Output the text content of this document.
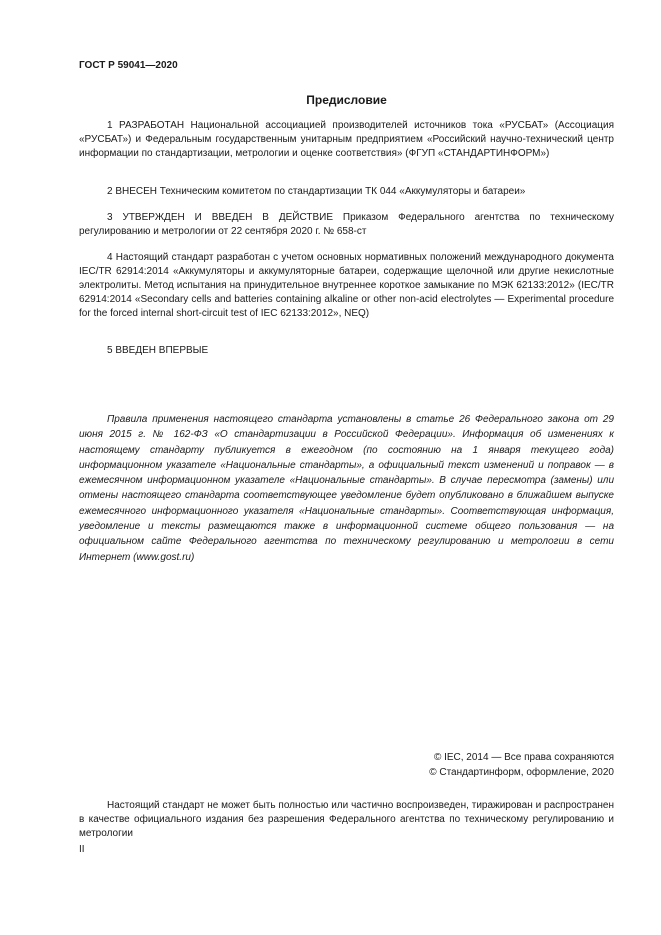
ГОСТ Р 59041—2020
Предисловие

1 РАЗРАБОТАН Национальной ассоциацией производителей источников тока «РУСБАТ» (Ассоциация «РУСБАТ») и Федеральным государственным унитарным предприятием «Российский научно-технический центр информации по стандартизации, метрологии и оценке соответствия» (ФГУП «СТАНДАРТИНФОРМ»)

2 ВНЕСЕН Техническим комитетом по стандартизации ТК 044 «Аккумуляторы и батареи»

3 УТВЕРЖДЕН И ВВЕДЕН В ДЕЙСТВИЕ Приказом Федерального агентства по техническому регулированию и метрологии от 22 сентября 2020 г. № 658-ст

4 Настоящий стандарт разработан с учетом основных нормативных положений международного документа IEC/TR 62914:2014 «Аккумуляторы и аккумуляторные батареи, содержащие щелочной или другие некислотные электролиты. Метод испытания на принудительное внутреннее короткое замыкание по МЭК 62133:2012» (IEC/TR 62914:2014 «Secondary cells and batteries containing alkaline or other non-acid electrolytes — Experimental procedure for the forced internal short-circuit test of IEC 62133:2012», NEQ)

5 ВВЕДЕН ВПЕРВЫЕ

Правила применения настоящего стандарта установлены в статье 26 Федерального закона от 29 июня 2015 г. № 162-ФЗ «О стандартизации в Российской Федерации». Информация об изменениях к настоящему стандарту публикуется в ежегодном (по состоянию на 1 января текущего года) информационном указателе «Национальные стандарты», а официальный текст изменений и поправок — в ежемесячном информационном указателе «Национальные стандарты». В случае пересмотра (замены) или отмены настоящего стандарта соответствующее уведомление будет опубликовано в ближайшем выпуске ежемесячного информационного указателя «Национальные стандарты». Соответствующая информация, уведомление и тексты размещаются также в информационной системе общего пользования — на официальном сайте Федерального агентства по техническому регулированию и метрологии в сети Интернет (www.gost.ru)

© IEC, 2014 — Все права сохраняются
© Стандартинформ, оформление, 2020

Настоящий стандарт не может быть полностью или частично воспроизведен, тиражирован и распространен в качестве официального издания без разрешения Федерального агентства по техническому регулированию и метрологии

II
